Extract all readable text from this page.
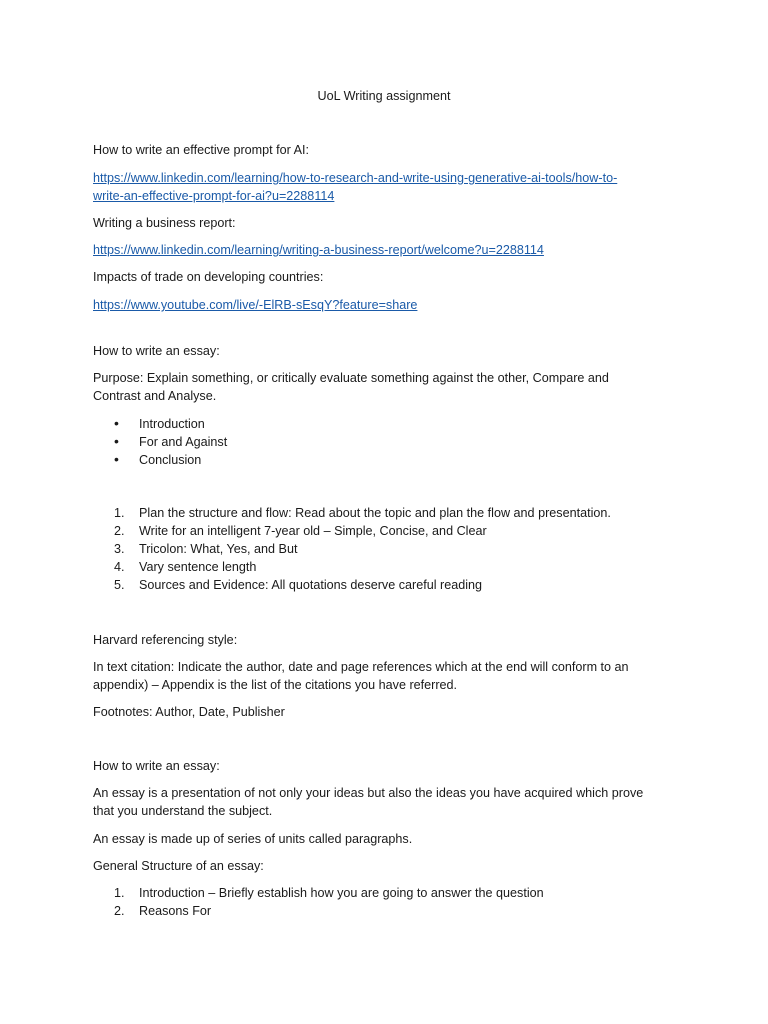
UoL Writing assignment
How to write an effective prompt for AI:
https://www.linkedin.com/learning/how-to-research-and-write-using-generative-ai-tools/how-to-
write-an-effective-prompt-for-ai?u=2288114
Writing a business report:
https://www.linkedin.com/learning/writing-a-business-report/welcome?u=2288114
Impacts of trade on developing countries:
https://www.youtube.com/live/-ElRB-sEsqY?feature=share
How to write an essay:
Purpose: Explain something, or critically evaluate something against the other, Compare and
Contrast and Analyse.
• Introduction
• For and Against
• Conclusion
1. Plan the structure and flow: Read about the topic and plan the flow and presentation.
2. Write for an intelligent 7-year old – Simple, Concise, and Clear
3. Tricolon: What, Yes, and But
4. Vary sentence length
5. Sources and Evidence: All quotations deserve careful reading
Harvard referencing style:
In text citation: Indicate the author, date and page references which at the end will conform to an
appendix) – Appendix is the list of the citations you have referred.
Footnotes: Author, Date, Publisher
How to write an essay:
An essay is a presentation of not only your ideas but also the ideas you have acquired which prove
that you understand the subject.
An essay is made up of series of units called paragraphs.
General Structure of an essay:
1. Introduction – Briefly establish how you are going to answer the question
2. Reasons For
